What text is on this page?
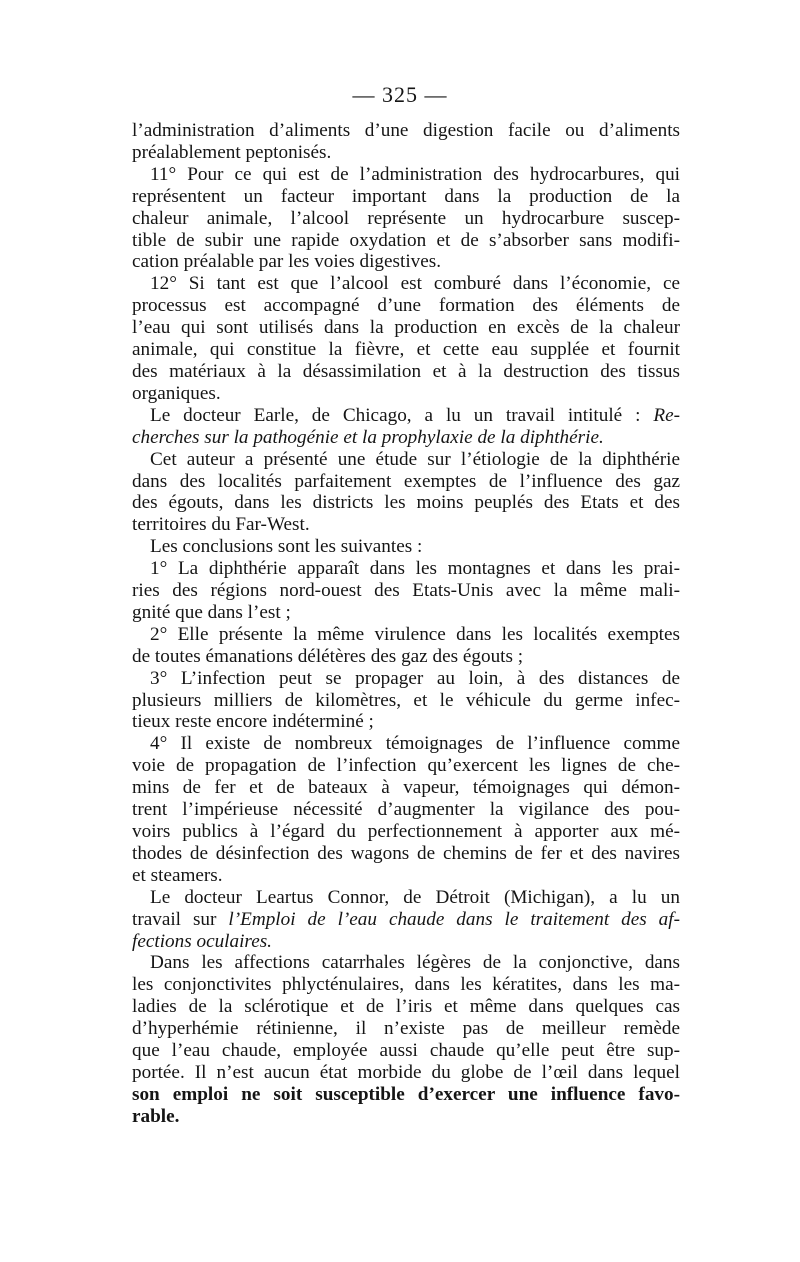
— 325 —
l’administration d’aliments d’une digestion facile ou d’aliments
préalablement peptonisés.
11° Pour ce qui est de l’administration des hydrocarbures, qui
représentent un facteur important dans la production de la
chaleur animale, l’alcool représente un hydrocarbure suscep-
tible de subir une rapide oxydation et de s’absorber sans modifi-
cation préalable par les voies digestives.
12° Si tant est que l’alcool est comburé dans l’économie, ce
processus est accompagné d’une formation des éléments de
l’eau qui sont utilisés dans la production en excès de la chaleur
animale, qui constitue la fièvre, et cette eau supplée et fournit
des matériaux à la désassimilation et à la destruction des tissus
organiques.
Le docteur Earle, de Chicago, a lu un travail intitulé : Re-
cherches sur la pathogénie et la prophylaxie de la diphthérie.
Cet auteur a présenté une étude sur l’étiologie de la diphthérie
dans des localités parfaitement exemptes de l’influence des gaz
des égouts, dans les districts les moins peuplés des Etats et des
territoires du Far-West.
Les conclusions sont les suivantes :
1° La diphthérie apparaît dans les montagnes et dans les prai-
ries des régions nord-ouest des Etats-Unis avec la même mali-
gnité que dans l’est ;
2° Elle présente la même virulence dans les localités exemptes
de toutes émanations délétères des gaz des égouts ;
3° L’infection peut se propager au loin, à des distances de
plusieurs milliers de kilomètres, et le véhicule du germe infec-
tieux reste encore indéterminé ;
4° Il existe de nombreux témoignages de l’influence comme
voie de propagation de l’infection qu’exercent les lignes de che-
mins de fer et de bateaux à vapeur, témoignages qui démon-
trent l’impérieuse nécessité d’augmenter la vigilance des pou-
voirs publics à l’égard du perfectionnement à apporter aux mé-
thodes de désinfection des wagons de chemins de fer et des navires
et steamers.
Le docteur Leartus Connor, de Détroit (Michigan), a lu un
travail sur l’Emploi de l’eau chaude dans le traitement des af-
fections oculaires.
Dans les affections catarrhales légères de la conjonctive, dans
les conjonctivites phlycténulaires, dans les kératites, dans les ma-
ladies de la sclérotique et de l’iris et même dans quelques cas
d’hyperhémie rétinienne, il n’existe pas de meilleur remède
que l’eau chaude, employée aussi chaude qu’elle peut être sup-
portée. Il n’est aucun état morbide du globe de l’œil dans lequel
son emploi ne soit susceptible d’exercer une influence favo-
rable.
